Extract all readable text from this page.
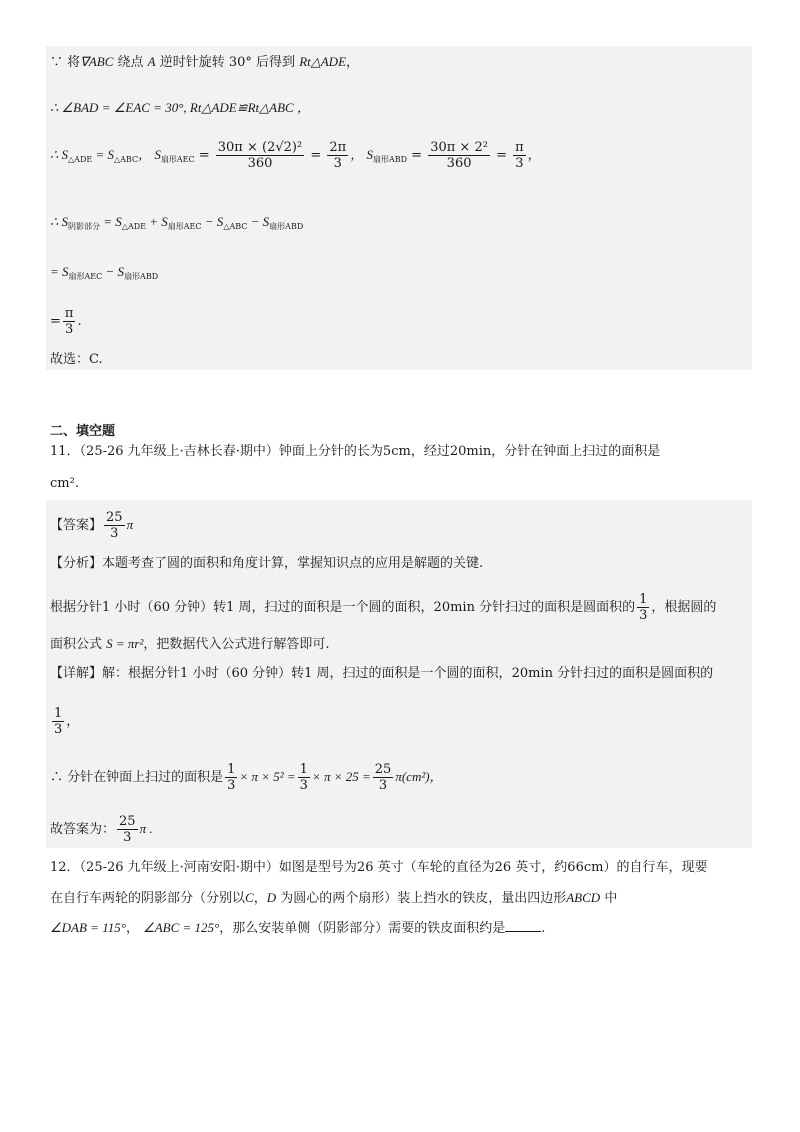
∵ 将∇ABC 绕点 A 逆时针旋转 30° 后得到 Rt△ADE，
∴ ∠BAD = ∠EAC = 30°, Rt△ADE≌Rt△ABC ，
∴ $S_{\triangle ADE} = S_{\triangle ABC}$， $S_{扇形AEC} = \frac{\text{30π × (2√2)²}}{360} = \frac{2\pi}{3}$ ， $S_{扇形ABD} = \frac{\text{30π × 2²}}{360} = \frac{\pi}{3}$ ，
∴ $S_{阴影部分} = S_{\triangle ADE} + S_{扇形AEC} - S_{\triangle ABC} - S_{扇形ABD}$
= $S_{扇形AEC} - S_{扇形ABD}$
= $\frac{\pi}{3}$ .
故选：C.
二、填空题
11．（25-26 九年级上·吉林长春·期中）钟面上分针的长为5cm，经过20min，分针在钟面上扫过的面积是
cm².
【答案】 $\frac{25}{3}$ π
【分析】本题考查了圆的面积和角度计算，掌握知识点的应用是解题的关键.
根据分针1 小时（60 分钟）转1 周，扫过的面积是一个圆的面积，20min 分针扫过的面积是圆面积的 $\frac{1}{3}$ ，根据圆的
面积公式 S = πr²，把数据代入公式进行解答即可.
【详解】解：根据分针1 小时（60 分钟）转1 周，扫过的面积是一个圆的面积，20min 分针扫过的面积是圆面积的
$\frac{1}{3}$ ，
∴ 分针在钟面上扫过的面积是 $\frac{1}{3} \times \pi \times 5^2 = \frac{1}{3} \times \pi \times 25 = \frac{25}{3} \pi(cm^2)$，
故答案为： $\frac{25}{3}$ π .
12．（25-26 九年级上·河南安阳·期中）如图是型号为26 英寸（车轮的直径为26 英寸，约66cm）的自行车，现要
在自行车两轮的阴影部分（分别以C，D 为圆心的两个扇形）装上挡水的铁皮，量出四边形ABCD 中
∠DAB = 115°， ∠ABC = 125°，那么安装单侧（阴影部分）需要的铁皮面积约是	.
